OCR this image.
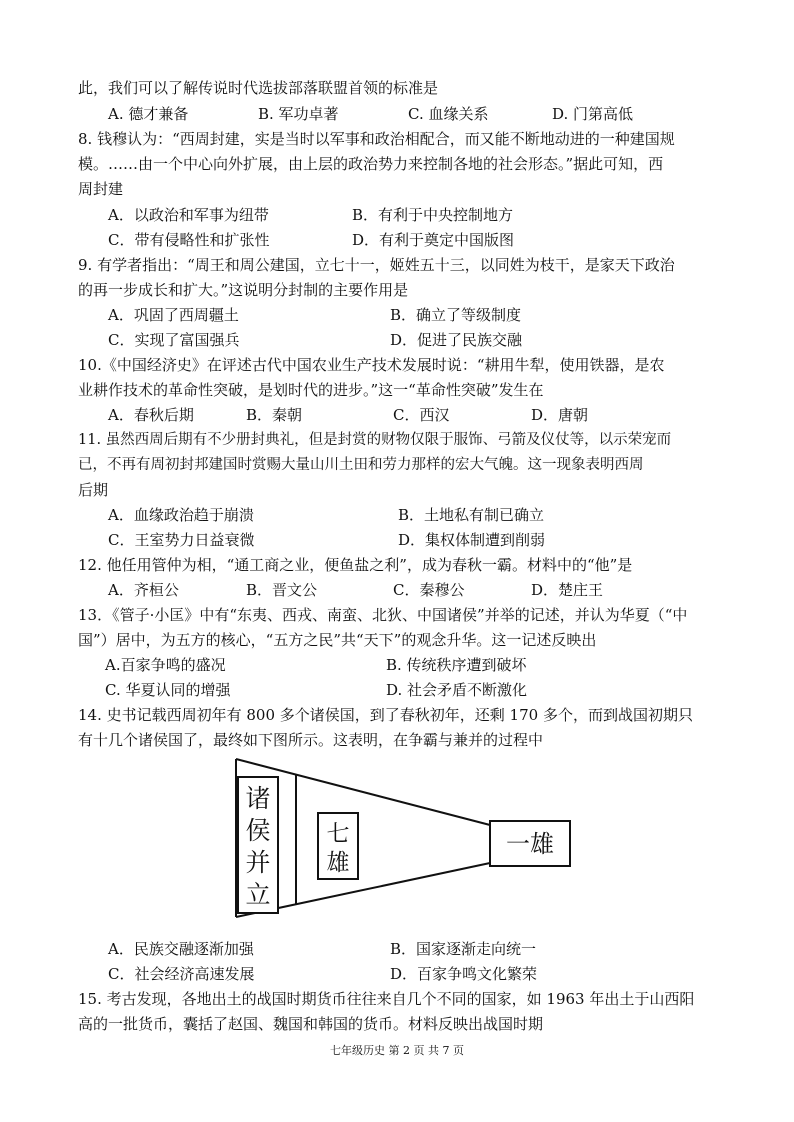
此，我们可以了解传说时代选拔部落联盟首领的标准是
A. 德才兼备	B. 军功卓著	C. 血缘关系	D. 门第高低
8. 钱穆认为：“西周封建，实是当时以军事和政治相配合，而又能不断地动进的一种建国规
模。……由一个中心向外扩展，由上层的政治势力来控制各地的社会形态。”据此可知，西
周封建
A．以政治和军事为纽带	B．有利于中央控制地方
C．带有侵略性和扩张性	D．有利于奠定中国版图
9. 有学者指出：“周王和周公建国，立七十一，姬姓五十三，以同姓为枝干，是家天下政治
的再一步成长和扩大。”这说明分封制的主要作用是
A．巩固了西周疆土	B．确立了等级制度
C．实现了富国强兵	D．促进了民族交融
10.《中国经济史》在评述古代中国农业生产技术发展时说：“耕用牛犁，使用铁器，是农
业耕作技术的革命性突破，是划时代的进步。”这一“革命性突破”发生在
A．春秋后期	B．秦朝	C．西汉	D．唐朝
11. 虽然西周后期有不少册封典礼，但是封赏的财物仅限于服饰、弓箭及仪仗等，以示荣宠而
已，不再有周初封邦建国时赏赐大量山川土田和劳力那样的宏大气魄。这一现象表明西周
后期
A．血缘政治趋于崩溃	B．土地私有制已确立
C．王室势力日益衰微	D．集权体制遭到削弱
12. 他任用管仲为相，“通工商之业，便鱼盐之利”，成为春秋一霸。材料中的“他”是
A．齐桓公	B．晋文公	C．秦穆公	D．楚庄王
13．《管子·小匡》中有“东夷、西戎、南蛮、北狄、中国诸侯”并举的记述，并认为华夏（“中
国”）居中，为五方的核心，“五方之民”共“天下”的观念升华。这一记述反映出
A.百家争鸣的盛况	B. 传统秩序遭到破坏
C. 华夏认同的增强	D. 社会矛盾不断激化
14. 史书记载西周初年有 800 多个诸侯国，到了春秋初年，还剩 170 多个，而到战国初期只
有十几个诸侯国了，最终如下图所示。这表明，在争霸与兼并的过程中
诸
侯
并
立
七
雄
一雄
A．民族交融逐渐加强	B．国家逐渐走向统一
C．社会经济高速发展	D．百家争鸣文化繁荣
15. 考古发现，各地出土的战国时期货币往往来自几个不同的国家，如 1963 年出土于山西阳
高的一批货币，囊括了赵国、魏国和韩国的货币。材料反映出战国时期
七年级历史 第 2 页 共 7 页
